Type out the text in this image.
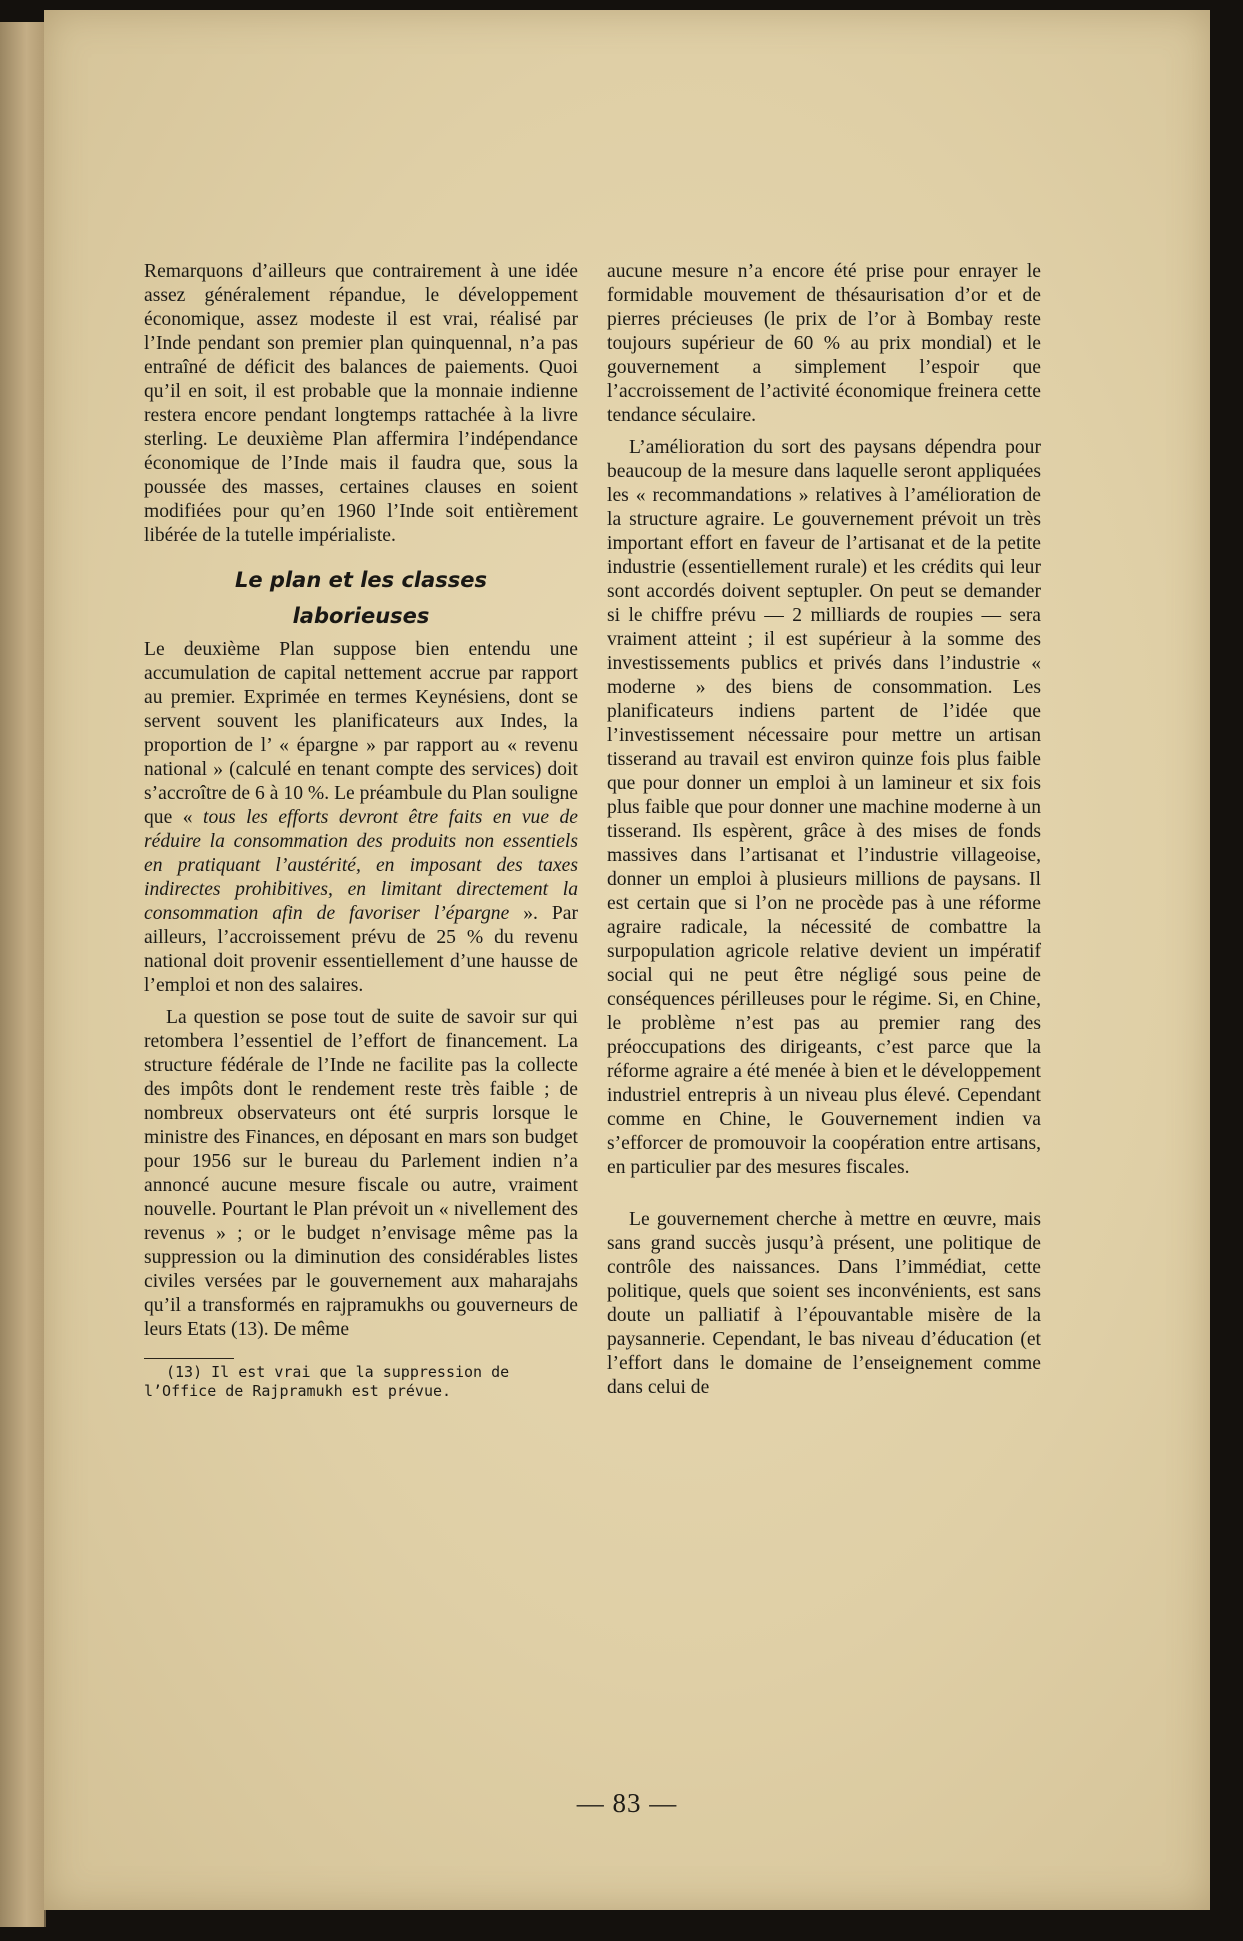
Remarquons d’ailleurs que contrairement à une idée assez généralement répandue, le développement économique, assez modeste il est vrai, réalisé par l’Inde pendant son premier plan quinquennal, n’a pas entraîné de déficit des balances de paiements. Quoi qu’il en soit, il est probable que la monnaie indienne restera encore pendant longtemps rattachée à la livre sterling. Le deuxième Plan affermira l’indépendance économique de l’Inde mais il faudra que, sous la poussée des masses, certaines clauses en soient modifiées pour qu’en 1960 l’Inde soit entièrement libérée de la tutelle impérialiste.

Le plan et les classes
laborieuses

Le deuxième Plan suppose bien entendu une accumulation de capital nettement accrue par rapport au premier. Exprimée en termes Keynésiens, dont se servent souvent les planificateurs aux Indes, la proportion de l’ « épargne » par rapport au « revenu national » (calculé en tenant compte des services) doit s’accroître de 6 à 10 %. Le préambule du Plan souligne que « tous les efforts devront être faits en vue de réduire la consommation des produits non essentiels en pratiquant l’austérité, en imposant des taxes indirectes prohibitives, en limitant directement la consommation afin de favoriser l’épargne ». Par ailleurs, l’accroissement prévu de 25 % du revenu national doit provenir essentiellement d’une hausse de l’emploi et non des salaires.

La question se pose tout de suite de savoir sur qui retombera l’essentiel de l’effort de financement. La structure fédérale de l’Inde ne facilite pas la collecte des impôts dont le rendement reste très faible ; de nombreux observateurs ont été surpris lorsque le ministre des Finances, en déposant en mars son budget pour 1956 sur le bureau du Parlement indien n’a annoncé aucune mesure fiscale ou autre, vraiment nouvelle. Pourtant le Plan prévoit un « nivellement des revenus » ; or le budget n’envisage même pas la suppression ou la diminution des considérables listes civiles versées par le gouvernement aux maharajahs qu’il a transformés en rajpramukhs ou gouverneurs de leurs Etats (13). De même

(13) Il est vrai que la suppression de l’Office de Rajpramukh est prévue.

aucune mesure n’a encore été prise pour enrayer le formidable mouvement de thésaurisation d’or et de pierres précieuses (le prix de l’or à Bombay reste toujours supérieur de 60 % au prix mondial) et le gouvernement a simplement l’espoir que l’accroissement de l’activité économique freinera cette tendance séculaire.

L’amélioration du sort des paysans dépendra pour beaucoup de la mesure dans laquelle seront appliquées les « recommandations » relatives à l’amélioration de la structure agraire. Le gouvernement prévoit un très important effort en faveur de l’artisanat et de la petite industrie (essentiellement rurale) et les crédits qui leur sont accordés doivent septupler. On peut se demander si le chiffre prévu — 2 milliards de roupies — sera vraiment atteint ; il est supérieur à la somme des investissements publics et privés dans l’industrie « moderne » des biens de consommation. Les planificateurs indiens partent de l’idée que l’investissement nécessaire pour mettre un artisan tisserand au travail est environ quinze fois plus faible que pour donner un emploi à un lamineur et six fois plus faible que pour donner une machine moderne à un tisserand. Ils espèrent, grâce à des mises de fonds massives dans l’artisanat et l’industrie villageoise, donner un emploi à plusieurs millions de paysans. Il est certain que si l’on ne procède pas à une réforme agraire radicale, la nécessité de combattre la surpopulation agricole relative devient un impératif social qui ne peut être négligé sous peine de conséquences périlleuses pour le régime. Si, en Chine, le problème n’est pas au premier rang des préoccupations des dirigeants, c’est parce que la réforme agraire a été menée à bien et le développement industriel entrepris à un niveau plus élevé. Cependant comme en Chine, le Gouvernement indien va s’efforcer de promouvoir la coopération entre artisans, en particulier par des mesures fiscales.

Le gouvernement cherche à mettre en œuvre, mais sans grand succès jusqu’à présent, une politique de contrôle des naissances. Dans l’immédiat, cette politique, quels que soient ses inconvénients, est sans doute un palliatif à l’épouvantable misère de la paysannerie. Cependant, le bas niveau d’éducation (et l’effort dans le domaine de l’enseignement comme dans celui de

— 83 —
